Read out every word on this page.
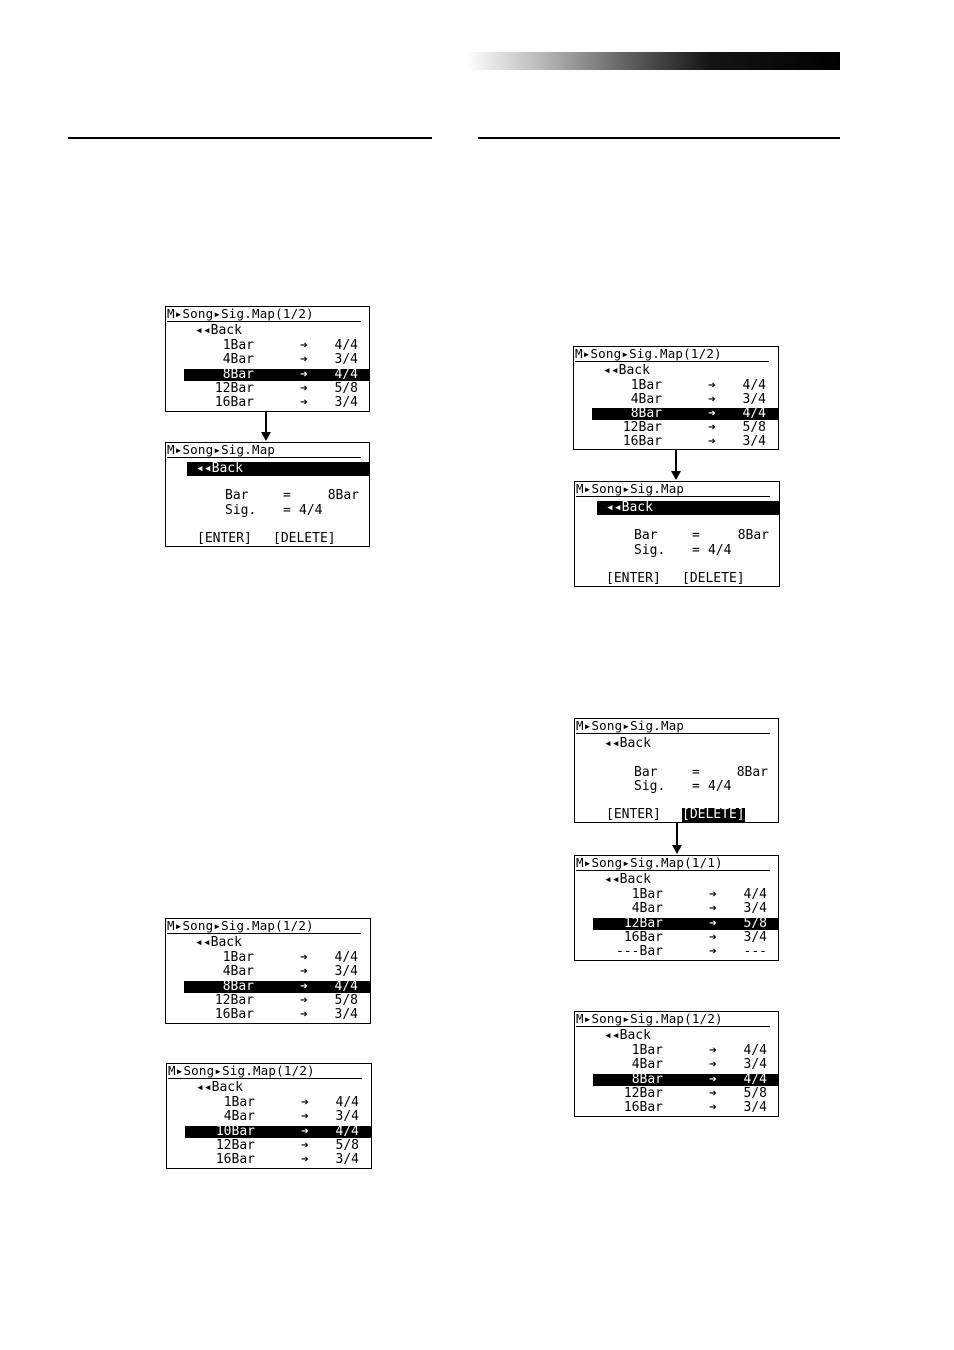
M▸Song▸Sig.Map(1/2)
◂◂Back
1Bar	➔ 4/4
4Bar	➔ 3/4
8Bar	➔ 4/4
12Bar	➔ 5/8
16Bar	➔ 3/4
M▸Song▸Sig.Map
◂◂Back
Bar	=	8Bar
Sig. = 4/4
[ENTER] [DELETE]
M▸Song▸Sig.Map(1/2)
◂◂Back
1Bar	➔ 4/4
4Bar	➔ 3/4
8Bar	➔ 4/4
12Bar	➔ 5/8
16Bar	➔ 3/4
M▸Song▸Sig.Map(1/2)
◂◂Back
1Bar	➔ 4/4
4Bar	➔ 3/4
10Bar	➔ 4/4
12Bar	➔ 5/8
16Bar	➔ 3/4
M▸Song▸Sig.Map(1/2)
◂◂Back
1Bar	➔ 4/4
4Bar	➔ 3/4
8Bar	➔ 4/4
12Bar	➔ 5/8
16Bar	➔ 3/4
M▸Song▸Sig.Map
◂◂Back
Bar	=	8Bar
Sig. = 4/4
[ENTER] [DELETE]
M▸Song▸Sig.Map
◂◂Back
Bar	=	8Bar
Sig. = 4/4
[ENTER] [DELETE]
M▸Song▸Sig.Map(1/1)
◂◂Back
1Bar	➔ 4/4
4Bar	➔ 3/4
12Bar	➔ 5/8
16Bar	➔ 3/4
---Bar	➔ ---
M▸Song▸Sig.Map(1/2)
◂◂Back
1Bar	➔ 4/4
4Bar	➔ 3/4
8Bar	➔ 4/4
12Bar	➔ 5/8
16Bar	➔ 3/4
